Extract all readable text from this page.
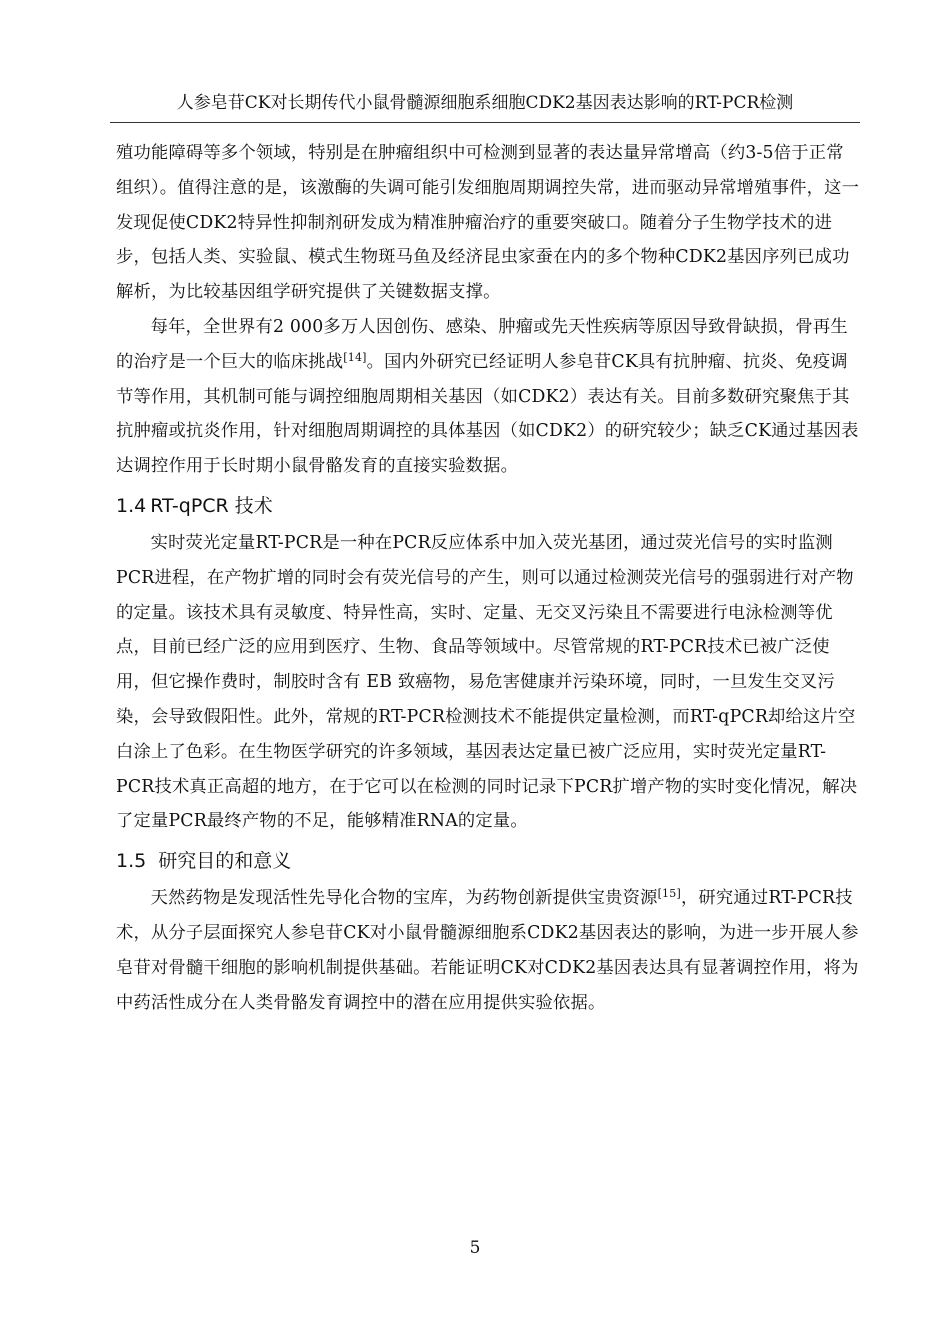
人参皂苷CK对长期传代小鼠骨髓源细胞系细胞CDK2基因表达影响的RT-PCR检测

殖功能障碍等多个领域，特别是在肿瘤组织中可检测到显著的表达量异常增高（约3-5倍于正常组织）。值得注意的是，该激酶的失调可能引发细胞周期调控失常，进而驱动异常增殖事件，这一发现促使CDK2特异性抑制剂研发成为精准肿瘤治疗的重要突破口。随着分子生物学技术的进步，包括人类、实验鼠、模式生物斑马鱼及经济昆虫家蚕在内的多个物种CDK2基因序列已成功解析，为比较基因组学研究提供了关键数据支撑。

每年，全世界有2 000多万人因创伤、感染、肿瘤或先天性疾病等原因导致骨缺损，骨再生的治疗是一个巨大的临床挑战[14]。国内外研究已经证明人参皂苷CK具有抗肿瘤、抗炎、免疫调节等作用，其机制可能与调控细胞周期相关基因（如CDK2）表达有关。目前多数研究聚焦于其抗肿瘤或抗炎作用，针对细胞周期调控的具体基因（如CDK2）的研究较少；缺乏CK通过基因表达调控作用于长时期小鼠骨骼发育的直接实验数据。

1.4 RT-qPCR 技术

实时荧光定量RT-PCR是一种在PCR反应体系中加入荧光基团，通过荧光信号的实时监测PCR进程，在产物扩增的同时会有荧光信号的产生，则可以通过检测荧光信号的强弱进行对产物的定量。该技术具有灵敏度、特异性高，实时、定量、无交叉污染且不需要进行电泳检测等优点，目前已经广泛的应用到医疗、生物、食品等领域中。尽管常规的RT-PCR技术已被广泛使用，但它操作费时，制胶时含有 EB 致癌物，易危害健康并污染环境，同时，一旦发生交叉污染，会导致假阳性。此外，常规的RT-PCR检测技术不能提供定量检测，而RT-qPCR却给这片空白涂上了色彩。在生物医学研究的许多领域，基因表达定量已被广泛应用，实时荧光定量RT-PCR技术真正高超的地方，在于它可以在检测的同时记录下PCR扩增产物的实时变化情况，解决了定量PCR最终产物的不足，能够精准RNA的定量。

1.5 研究目的和意义

天然药物是发现活性先导化合物的宝库，为药物创新提供宝贵资源[15]，研究通过RT-PCR技术，从分子层面探究人参皂苷CK对小鼠骨髓源细胞系CDK2基因表达的影响，为进一步开展人参皂苷对骨髓干细胞的影响机制提供基础。若能证明CK对CDK2基因表达具有显著调控作用，将为中药活性成分在人类骨骼发育调控中的潜在应用提供实验依据。

5
